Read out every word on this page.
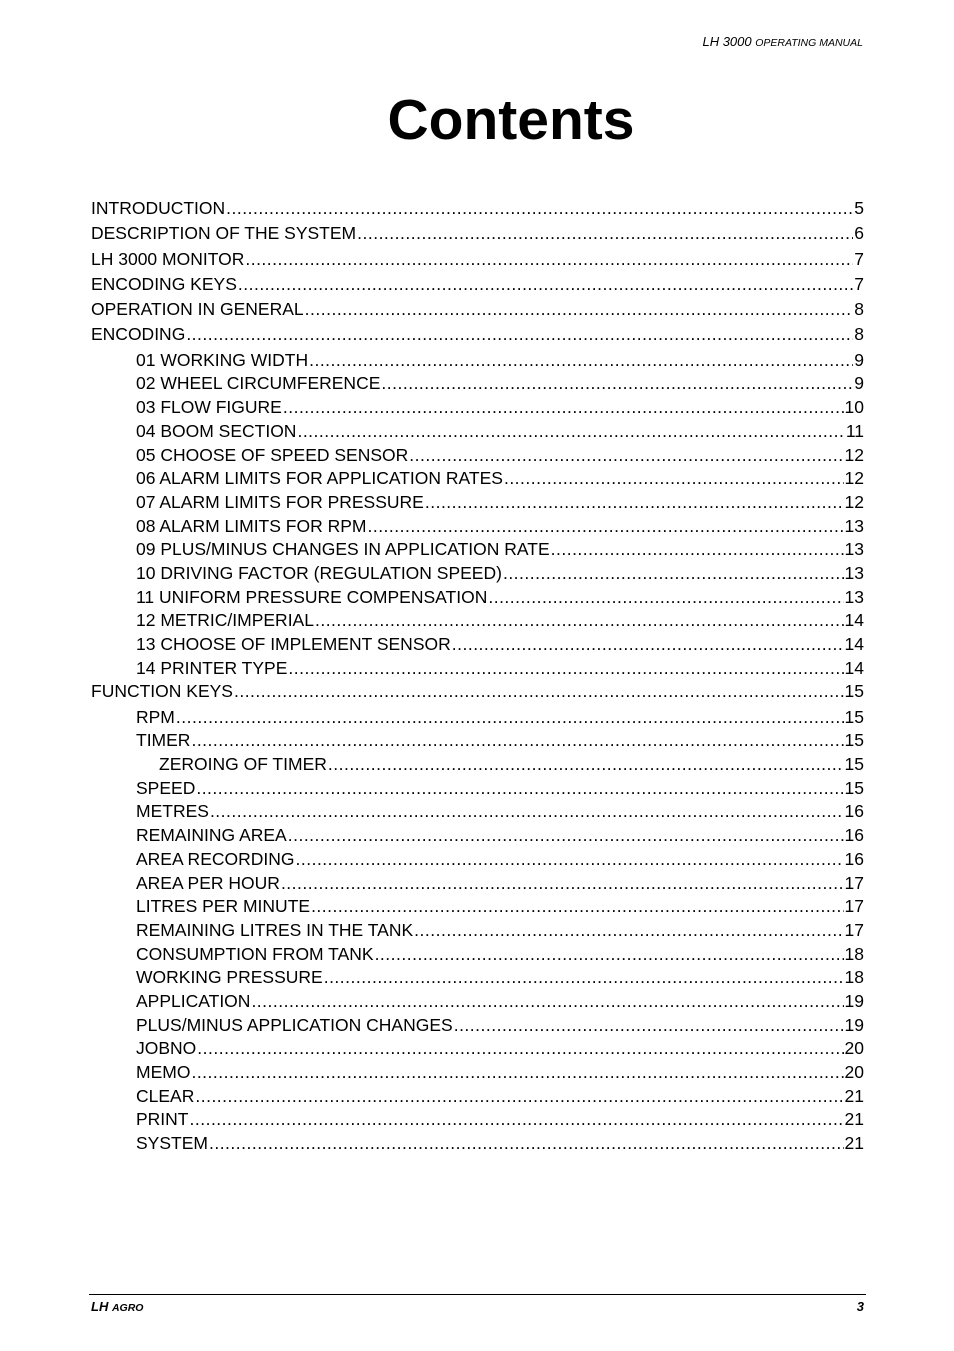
LH 3000 OPERATING MANUAL
Contents
INTRODUCTION .....	5
DESCRIPTION OF THE SYSTEM .....	6
LH 3000 MONITOR .....	7
ENCODING KEYS .....	7
OPERATION IN GENERAL .....	8
ENCODING .....	8
01 WORKING WIDTH .....	9
02 WHEEL CIRCUMFERENCE .....	9
03 FLOW FIGURE .....	10
04 BOOM SECTION .....	11
05 CHOOSE OF SPEED SENSOR .....	12
06 ALARM LIMITS FOR APPLICATION RATES .....	12
07 ALARM LIMITS FOR PRESSURE .....	12
08 ALARM LIMITS FOR RPM .....	13
09 PLUS/MINUS CHANGES IN APPLICATION RATE .....	13
10 DRIVING FACTOR (REGULATION SPEED) .....	13
11 UNIFORM PRESSURE COMPENSATION .....	13
12 METRIC/IMPERIAL .....	14
13 CHOOSE OF IMPLEMENT SENSOR .....	14
14 PRINTER TYPE .....	14
FUNCTION KEYS .....	15
RPM .....	15
TIMER .....	15
ZEROING OF TIMER .....	15
SPEED .....	15
METRES .....	16
REMAINING AREA .....	16
AREA RECORDING .....	16
AREA PER HOUR .....	17
LITRES PER MINUTE .....	17
REMAINING LITRES IN THE TANK .....	17
CONSUMPTION FROM TANK .....	18
WORKING PRESSURE .....	18
APPLICATION .....	19
PLUS/MINUS APPLICATION CHANGES .....	19
JOBNO .....	20
MEMO .....	20
CLEAR .....	21
PRINT .....	21
SYSTEM .....	21
LH AGRO	3
